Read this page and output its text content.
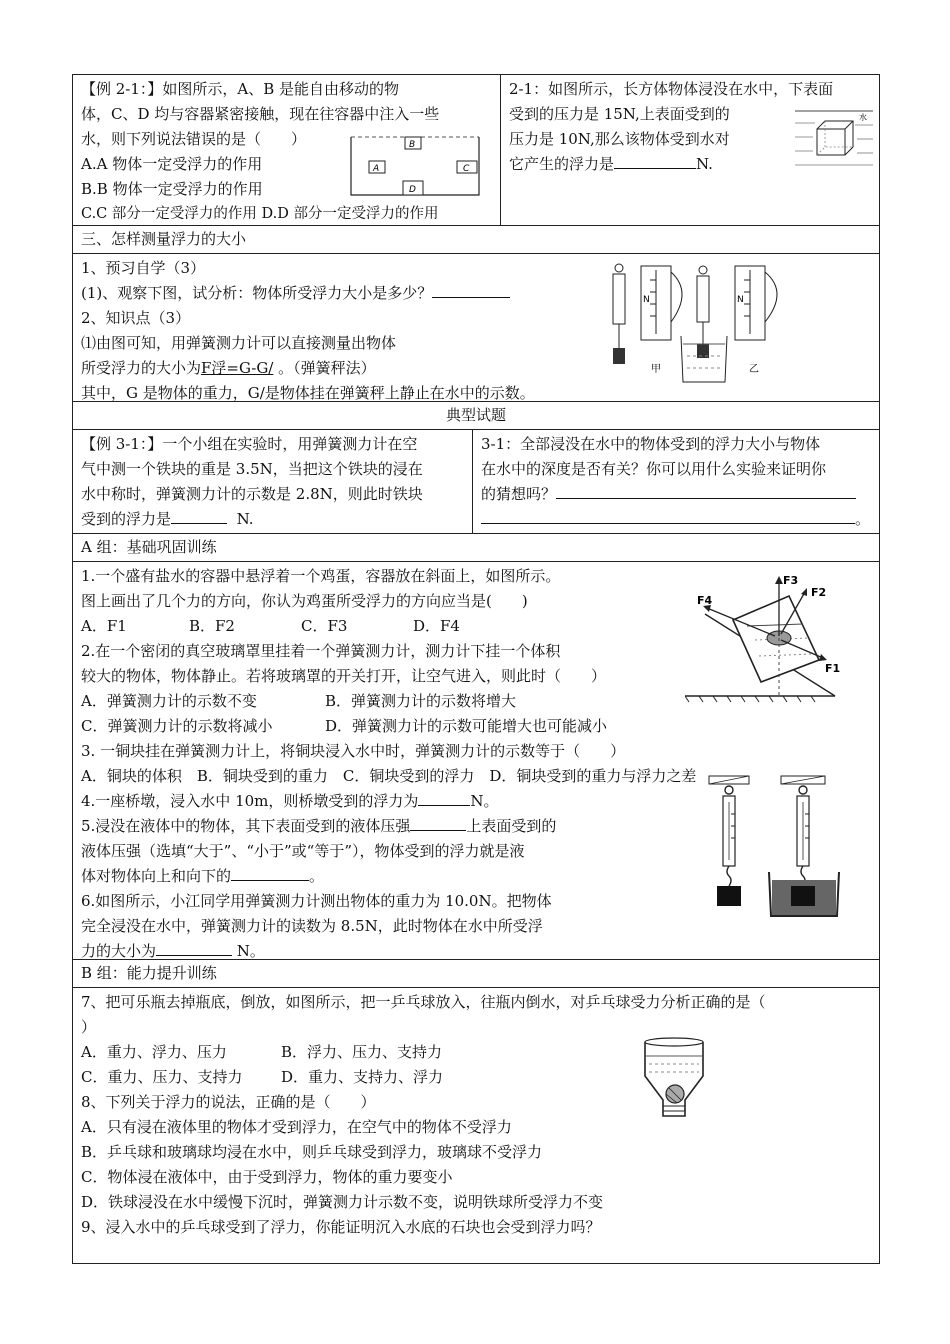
【例 2-1：】如图所示，A、B 是能自由移动的物
体，C、D 均与容器紧密接触，现在往容器中注入一些
水，则下列说法错误的是（　　）
A.A 物体一定受浮力的作用
B.B 物体一定受浮力的作用
C.C 部分一定受浮力的作用 D.D 部分一定受浮力的作用
B
A	C
D
2-1：如图所示，长方体物体浸没在水中，下表面
受到的压力是 15N,上表面受到的
压力是 10N,那么该物体受到水对
它产生的浮力是	N.
水
三、怎样测量浮力的大小
1、预习自学（3）
(1)、观察下图，试分析：物体所受浮力大小是多少？
2、知识点（3）
⑴由图可知，用弹簧测力计可以直接测量出物体
所受浮力的大小为F浮=G-G/ 。（弹簧秤法）
其中，G 是物体的重力，G/是物体挂在弹簧秤上静止在水中的示数。
N
甲
N
乙
典型试题
【例 3-1：】一个小组在实验时，用弹簧测力计在空
气中测一个铁块的重是 3.5N，当把这个铁块的浸在
水中称时，弹簧测力计的示数是 2.8N，则此时铁块
受到的浮力是	N.
3-1：全部浸没在水中的物体受到的浮力大小与物体
在水中的深度是否有关？你可以用什么实验来证明你
的猜想吗？
。
A 组：基础巩固训练
1.一个盛有盐水的容器中悬浮着一个鸡蛋，容器放在斜面上，如图所示。
图上画出了几个力的方向，你认为鸡蛋所受浮力的方向应当是(　　)
A．F1	B．F2	C．F3	D．F4
2.在一个密闭的真空玻璃罩里挂着一个弹簧测力计，测力计下挂一个体积
较大的物体，物体静止。若将玻璃罩的开关打开，让空气进入，则此时（　　）
A．弹簧测力计的示数不变	B．弹簧测力计的示数将增大
C．弹簧测力计的示数将减小	D．弹簧测力计的示数可能增大也可能减小
3. 一铜块挂在弹簧测力计上，将铜块浸入水中时，弹簧测力计的示数等于（　　）
A．铜块的体积　B．铜块受到的重力　C．铜块受到的浮力　D．铜块受到的重力与浮力之差
4.一座桥墩，浸入水中 10m，则桥墩受到的浮力为	N。
5.浸没在液体中的物体，其下表面受到的液体压强	上表面受到的
液体压强（选填“大于”、“小于”或“等于”），物体受到的浮力就是液
体对物体向上和向下的	。
6.如图所示，小江同学用弹簧测力计测出物体的重力为 10.0N。把物体
完全浸没在水中，弹簧测力计的读数为 8.5N，此时物体在水中所受浮
力的大小为	N。
F3
F2
F4
F1
B 组：能力提升训练
7、把可乐瓶去掉瓶底，倒放，如图所示，把一乒乓球放入，往瓶内倒水，对乒乓球受力分析正确的是（
）
A．重力、浮力、压力	B．浮力、压力、支持力
C．重力、压力、支持力	D．重力、支持力、浮力
8、下列关于浮力的说法，正确的是（　　）
A．只有浸在液体里的物体才受到浮力，在空气中的物体不受浮力
B．乒乓球和玻璃球均浸在水中，则乒乓球受到浮力，玻璃球不受浮力
C．物体浸在液体中，由于受到浮力，物体的重力要变小
D．铁球浸没在水中缓慢下沉时，弹簧测力计示数不变，说明铁球所受浮力不变
9、浸入水中的乒乓球受到了浮力，你能证明沉入水底的石块也会受到浮力吗？
